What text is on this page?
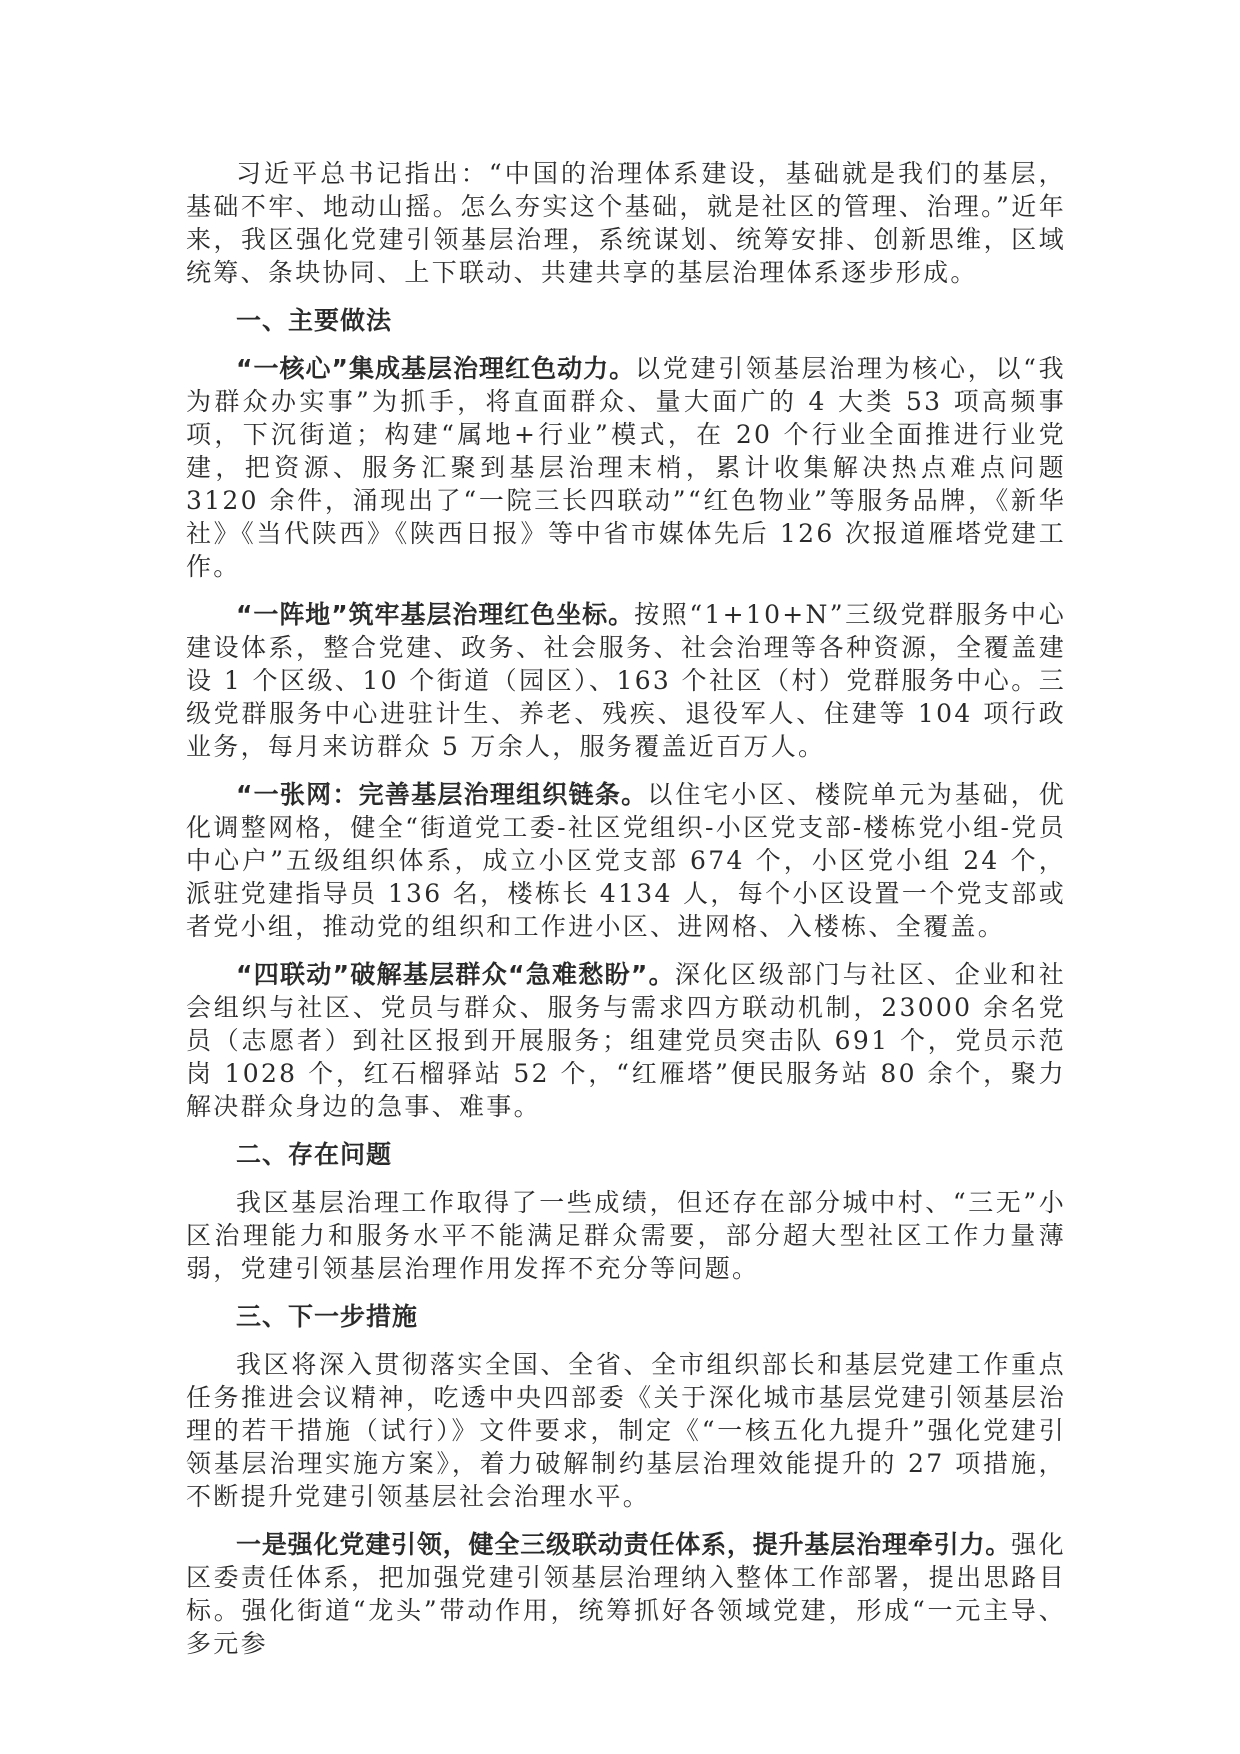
习近平总书记指出：“中国的治理体系建设，基础就是我们的基层，基础不牢、地动山摇。怎么夯实这个基础，就是社区的管理、治理。”近年来，我区强化党建引领基层治理，系统谋划、统筹安排、创新思维，区域统筹、条块协同、上下联动、共建共享的基层治理体系逐步形成。

一、主要做法

“一核心”集成基层治理红色动力。以党建引领基层治理为核心，以“我为群众办实事”为抓手，将直面群众、量大面广的 4 大类 53 项高频事项，下沉街道；构建“属地+行业”模式，在 20 个行业全面推进行业党建，把资源、服务汇聚到基层治理末梢，累计收集解决热点难点问题 3120 余件，涌现出了“一院三长四联动”“红色物业”等服务品牌，《新华社》《当代陕西》《陕西日报》等中省市媒体先后 126 次报道雁塔党建工作。

“一阵地”筑牢基层治理红色坐标。按照“1+10+N”三级党群服务中心建设体系，整合党建、政务、社会服务、社会治理等各种资源，全覆盖建设 1 个区级、10 个街道（园区）、163 个社区（村）党群服务中心。三级党群服务中心进驻计生、养老、残疾、退役军人、住建等 104 项行政业务，每月来访群众 5 万余人，服务覆盖近百万人。

“一张网：完善基层治理组织链条。以住宅小区、楼院单元为基础，优化调整网格，健全“街道党工委-社区党组织-小区党支部-楼栋党小组-党员中心户”五级组织体系，成立小区党支部 674 个，小区党小组 24 个，派驻党建指导员 136 名，楼栋长 4134 人，每个小区设置一个党支部或者党小组，推动党的组织和工作进小区、进网格、入楼栋、全覆盖。

“四联动”破解基层群众“急难愁盼”。深化区级部门与社区、企业和社会组织与社区、党员与群众、服务与需求四方联动机制，23000 余名党员（志愿者）到社区报到开展服务；组建党员突击队 691 个，党员示范岗 1028 个，红石榴驿站 52 个，“红雁塔”便民服务站 80 余个，聚力解决群众身边的急事、难事。

二、存在问题

我区基层治理工作取得了一些成绩，但还存在部分城中村、“三无”小区治理能力和服务水平不能满足群众需要，部分超大型社区工作力量薄弱，党建引领基层治理作用发挥不充分等问题。

三、下一步措施

我区将深入贯彻落实全国、全省、全市组织部长和基层党建工作重点任务推进会议精神，吃透中央四部委《关于深化城市基层党建引领基层治理的若干措施（试行）》文件要求，制定《“一核五化九提升”强化党建引领基层治理实施方案》，着力破解制约基层治理效能提升的 27 项措施，不断提升党建引领基层社会治理水平。

一是强化党建引领，健全三级联动责任体系，提升基层治理牵引力。强化区委责任体系，把加强党建引领基层治理纳入整体工作部署，提出思路目标。强化街道“龙头”带动作用，统筹抓好各领域党建，形成“一元主导、多元参
